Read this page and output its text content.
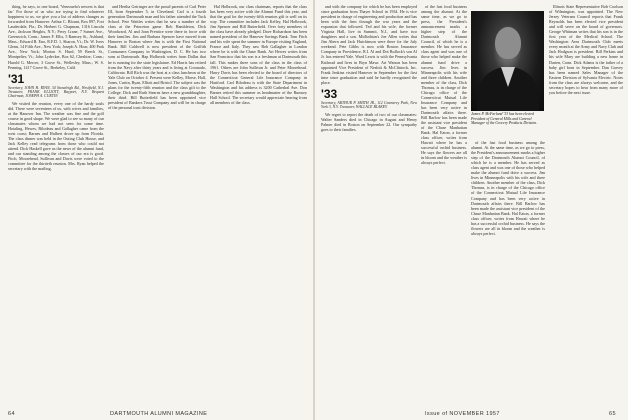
thing, he says, to one board, 'Venezuela's newest is that far.' For those of us who are trying to find whatever happiness to us, we give you a list of address changes as forwarded from Hanover: Arthur C. Blount, Box 897, Fort Lauderdale, Fla.; Dr. Herbert G. Chapman, 1316 Lincoln Ave., Jackson Heights, N.Y.; Perry Crane, 7 Sunset Ave., Greenwich, Conn.; James F. Ellis, 5 Ramsey St., Ashland, Mass.; Edward R. Eno, R.F.D. 1, Sharon, Vt.; Dr. W. Ivers Glenn, 14 Fifth Ave., New York; Joseph A. Hoar, 400 Park Ave., New York; Morton S. Hurd, 59 Beech St., Montpelier, Vt.; John Lydecker, Box 62, Cheshire, Conn.; Harold G. Mercer, 3 Grove St., Wellesley, Mass.; W. S. Penning, 1417 Grove St., Berkeley, Calif.

'31

Secretary, JOHN H. RYAN, 34 Stoneleigh Rd., Westfield, N.J. Treasurer, FRANK ELLIOTT, Bayport, N.Y. Bequest Chairman, JOSEPH A. CURTIN

We visited the reunion, every one of the hardy souls did. There were seventeen of us, with wives and families, at the Hanover Inn. The weather was fine and the golf course in good shape. We were glad to see so many of our classmates whom we had not seen for some time. Hotaling, Hewes, Bilodeau and Gallagher came from the west coast; Barnes and Hulbert drove up from Florida. The class dinner was held in the Outing Club House, and Jack Kelley read telegrams from those who could not attend. Dick Haskell gave us the news of the alumni fund, and our standing among the classes of our era is good. Fitch, Moorehead, Sullivan and Davis were voted to the committee for the thirtieth reunion. Mrs. Ryan helped the secretary with the mailing.

and Hertha Geiringer are the proud parents of Carl Peter III, born September 5, in Cleveland. Carl is a fourth generation Dartmouth man and his father attended the Tuck School. Pete Wattles writes that he saw a number of the class at the Princeton game. Bob Hambleton, Dick Woodward, Al and Joan Prentice were there in force with their families. Jim and Barbara Spencer have moved from Hanover to Boston where Jim is with the First National Bank. Bill Caldwell is now president of the Griffith Consumers Company in Washington, D. C. He has two sons at Dartmouth. Hap Holbrook writes from Dallas that he is running for the state legislature. Ed Harris has retired from the Navy after thirty years and is living at Coronado, California. Bill Rich was the host at a class luncheon at the Yale Club on October 4. Present were Kelley, Morse, Hall, Jones, Curtin, Ryan, Elliott and Bristol. The subject was the plans for the twenty-fifth reunion and the class gift to the College. Dick and Ruth Stearns have a new granddaughter, their third. Bill Butterfield has been appointed vice president of Bankers Trust Company and will be in charge of the personal trust division.

Hal Holbrook, our class chairman, reports that the class has been very active with the Alumni Fund this year, and that the goal for the twenty-fifth reunion gift is well on its way. The committee includes Jack Kelley, Hal Holbrook, Jim Spencer and Bill Butterfield. Over forty members of the class have already pledged. Dave Richardson has been named president of the Hanover Savings Bank. Tom Fitch and his wife spent the summer in Europe visiting England, France and Italy. They saw Bob Gallagher in London where he is with the Chase Bank. Art Hewes writes from San Francisco that his son is a freshman at Dartmouth this fall. This makes three sons of the class in the class of 1961. Others are John Sullivan Jr. and Peter Moorehead. Harry Davis has been elected to the board of directors of the Connecticut General Life Insurance Company in Hartford. Carl Bilodeau is with the State Department in Washington and his address is 3200 Cathedral Ave. Don Barnes retired this summer as headmaster of the Rumsey Hall School. The secretary would appreciate hearing from all members of the class.

64	DARTMOUTH ALUMNI MAGAZINE

and with the company for which he has been employed since graduation from Thayer School in 1934. He is vice president in charge of engineering and production and has been with the firm through the war years and the expansion that followed. Ted and his wife, the former Virginia Hall, live in Summit, N.J., and have two daughters and a son. Midlothian's Joe Allen writes that Jim Ahern and Jack Hutchinson were there for the July weekend. Pete Gibbs is now with Boston Insurance Company in Providence, R.I. Al and Dot Bullock's son Al Jr. has entered Yale. Ward Lewis is with the Pennsylvania Railroad and lives in Bryn Mawr. Art Watson has been appointed Vice President of Nesbitt & McClintock, Inc. Frank Jenkins visited Hanover in September for the first time since graduation and said he hardly recognized the place.

'33

Secretary, ARTHUR P. SMITH JR., 112 Gramercy Park, New York 3, N.Y. Treasurer, WALLACE BLAKEY

We regret to report the death of two of our classmates: Walter Sanders died in Chicago in August and Henry Palmer died in Boston on September 22. Our sympathy goes to their families.

James P. McFarland '33 has been elected President of General Mills and General Manager of the Grocery Products Division.

of the fast food business among the alumni. At the same time, as we go to press, the President's announcement marks a higher step of the Dartmouth Alumni Council, of which he is a member. He has served as class agent and was one of those who helped make the alumni fund drive a success. Jim lives in Minneapolis with his wife and three children. Another member of the class, Dick Thomas, is in charge of the Chicago office of the Connecticut Mutual Life Insurance Company and has been very active in Dartmouth affairs there. Bill Barlow has been made the assistant vice president of the Chase Manhattan Bank. Hal Eaton, a former class officer, writes from Hawaii where he has a successful orchid business. He says the flowers are all in bloom and the weather is always perfect.

of the fast food business among the alumni. At the same time, as we go to press, the President's announcement marks a higher step of the Dartmouth Alumni Council, of which he is a member. He has served as class agent and was one of those who helped make the alumni fund drive a success. Jim lives in Minneapolis with his wife and three children. Another member of the class, Dick Thomas, is in charge of the Chicago office of the Connecticut Mutual Life Insurance Company and has been very active in Dartmouth affairs there. Bill Barlow has been made the assistant vice president of the Chase Manhattan Bank. Hal Eaton, a former class officer, writes from Hawaii where he has a successful orchid business. He says the flowers are all in bloom and the weather is always perfect.

Illinois State Representative Bob Coolson of Wilmington, was appointed. The New Jersey Veterans Council reports that Frank Reynolds has been elected vice president and will serve on the board of governors. George Whitman writes that his son is in the first year of the Medical School. The Washington Area Dartmouth Club meets every month at the Army and Navy Club and Jack Hodgson is president. Bill Perkins and his wife Mary are building a new home in Darien, Conn. Dick Adams is the father of a baby girl born in September. Dan Garvey has been named Sales Manager of the Eastern Division of Sylvania Electric. Notes from the class are always welcome, and the secretary hopes to hear from many more of you before the next issue.

Issue of NOVEMBER 1957	65
